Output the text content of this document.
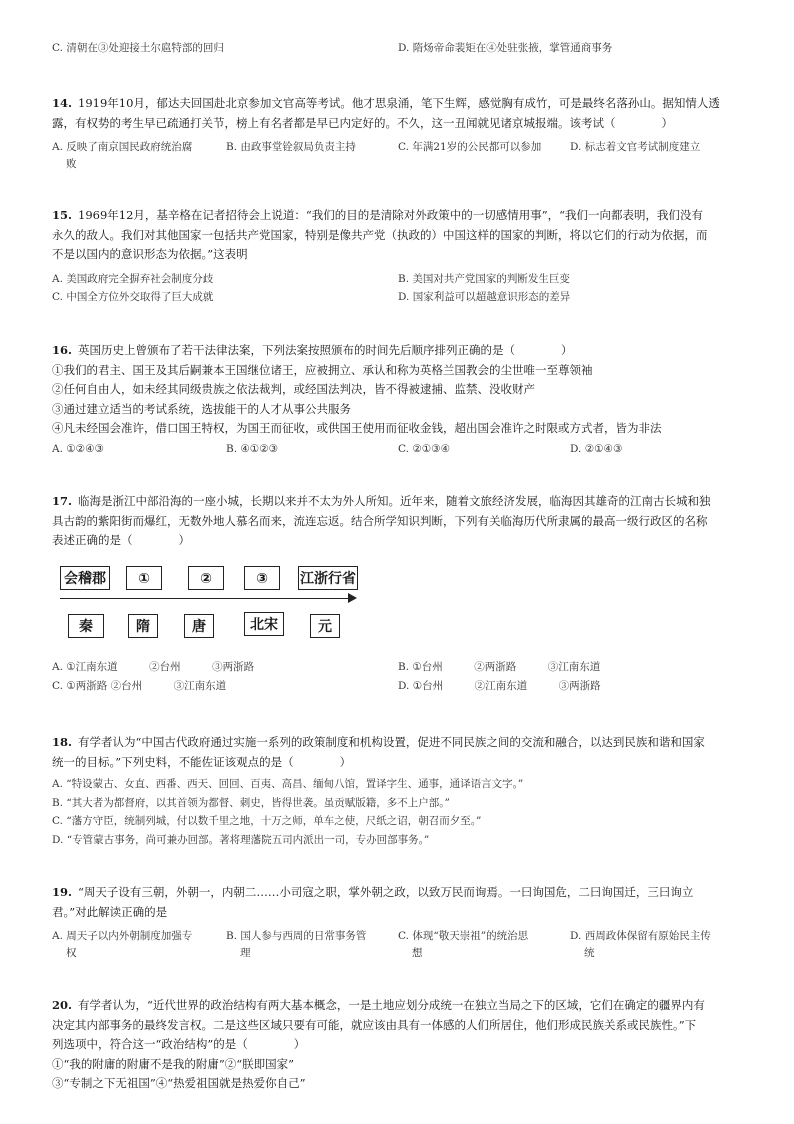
C. 清朝在③处迎接土尔扈特部的回归	D. 隋炀帝命裴矩在④处驻张掖，掌管通商事务

14. 1919年10月，郁达夫回国赴北京参加文官高等考试。他才思泉涌，笔下生辉，感觉胸有成竹，可是最终名落孙山。据知情人透

露，有权势的考生早已疏通打关节，榜上有名者都是早已内定好的。不久，这一丑闻就见诸京城报端。该考试（　　　　）

A. 反映了南京国民政府统治腐
败
B. 由政事堂铨叙局负责主持	C. 年满21岁的公民都可以参加	D. 标志着文官考试制度建立

15. 1969年12月，基辛格在记者招待会上说道：“我们的目的是清除对外政策中的一切感情用事”，“我们一向都表明，我们没有

永久的敌人。我们对其他国家一包括共产党国家，特别是像共产党（执政的）中国这样的国家的判断，将以它们的行动为依据，而

不是以国内的意识形态为依据。”这表明

A. 美国政府完全摒弃社会制度分歧	B. 美国对共产党国家的判断发生巨变
C. 中国全方位外交取得了巨大成就	D. 国家利益可以超越意识形态的差异

16. 英国历史上曾颁布了若干法律法案，下列法案按照颁布的时间先后顺序排列正确的是（　　　　）

①我们的君主、国王及其后嗣兼本王国继位诸王，应被拥立、承认和称为英格兰国教会的尘世唯一至尊领袖

②任何自由人，如未经其同级贵族之依法裁判，或经国法判决，皆不得被逮捕、监禁、没收财产

③通过建立适当的考试系统，选拔能干的人才从事公共服务

④凡未经国会准许，借口国王特权，为国王而征收，或供国王使用而征收金钱，超出国会准许之时限或方式者，皆为非法

A. ①②④③	B. ④①②③	C. ②①③④	D. ②①④③

17. 临海是浙江中部沿海的一座小城，长期以来并不太为外人所知。近年来，随着文旅经济发展，临海因其雄奇的江南古长城和独

具古韵的紫阳街而爆红，无数外地人慕名而来，流连忘返。结合所学知识判断，下列有关临海历代所隶属的最高一级行政区的名称

表述正确的是（　　　　）

会稽郡	①	②	③	江浙行省
秦	隋	唐	北宋	元
A. ①江南东道　　　②台州　　　③两浙路	B. ①台州　　　②两浙路　　　③江南东道
C. ①两浙路 ②台州　　　③江南东道	D. ①台州　　　②江南东道　　　③两浙路

18. 有学者认为“中国古代政府通过实施一系列的政策制度和机构设置，促进不同民族之间的交流和融合，以达到民族和谐和国家

统一的目标。”下列史料，不能佐证该观点的是（　　　　）

A. “特设蒙古、女直、西番、西天、回回、百夷、高昌、缅甸八馆，置译字生、通事，通译语言文字。”
B. “其大者为都督府，以其首领为都督、刺史，皆得世袭。虽贡赋版籍，多不上户部。”
C. “藩方守臣，统制列城，付以数千里之地，十万之师，单车之使，尺纸之诏，朝召而夕至。”
D. “专管蒙古事务，尚可兼办回部。著将理藩院五司内派出一司，专办回部事务。”

19. “周天子设有三朝，外朝一，内朝二……小司寇之职，掌外朝之政，以致万民而询焉。一曰询国危，二曰询国迁，三曰询立

君。”对此解读正确的是

A. 周天子以内外朝制度加强专
权
B. 国人参与西周的日常事务管
理
C. 体现“敬天崇祖”的统治思
想
D. 西周政体保留有原始民主传
统

20. 有学者认为，“近代世界的政治结构有两大基本概念，一是土地应划分成统一在独立当局之下的区域，它们在确定的疆界内有

决定其内部事务的最终发言权。二是这些区域只要有可能，就应该由具有一体感的人们所居住，他们形成民族关系或民族性。”下

列选项中，符合这一“政治结构”的是（　　　　）

①“我的附庸的附庸不是我的附庸”②“朕即国家”

③“专制之下无祖国”④“热爱祖国就是热爱你自己”
